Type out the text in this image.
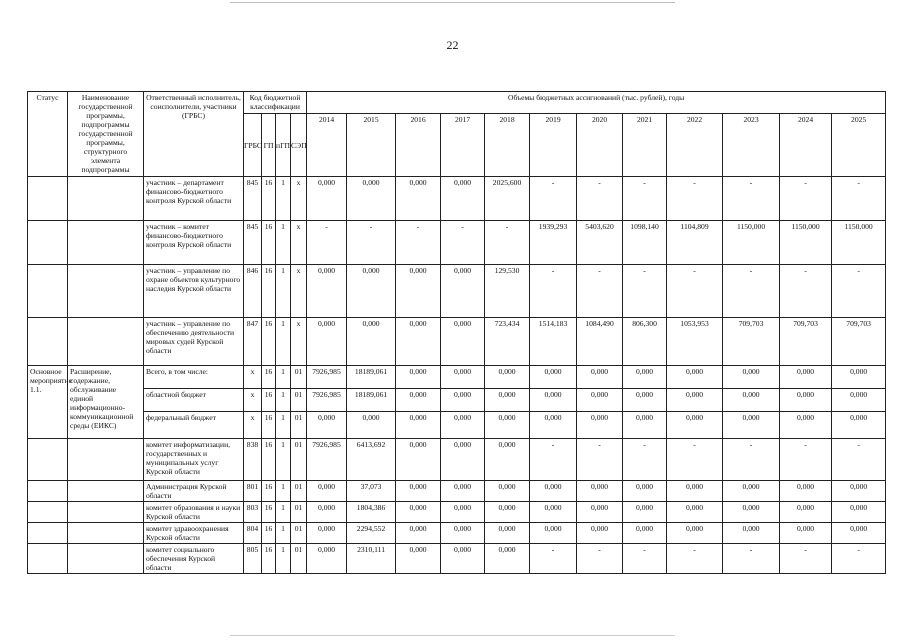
22
Статус	Наименование государственной программы, подпрограммы государственной программы, структурного элемента подпрограммы	Ответственный исполнитель, соисполнители, участники (ГРБС)	Код бюджетной классификации				Объемы бюджетных ассигнований (тыс. рублей), годы											
			ГРБС	ГП	пГП	СЭП	2014	2015	2016	2017	2018	2019	2020	2021	2022	2023	2024	2025

		участник – департамент финансово-бюджетного контроля Курской области	845	16	1	х	0,000	0,000	0,000	0,000	2025,600	-	-	-	-	-	-	-
		участник – комитет финансово-бюджетного контроля Курской области	845	16	1	х	-	-	-	-	-	1939,293	5403,620	1098,140	1104,809	1150,000	1150,000	1150,000
		участник – управление по охране объектов культурного наследия Курской области	846	16	1	х	0,000	0,000	0,000	0,000	129,530	-	-	-	-	-	-	-
		участник – управление по обеспечению деятельности мировых судей Курской области	847	16	1	х	0,000	0,000	0,000	0,000	723,434	1514,183	1084,490	806,300	1053,953	709,703	709,703	709,703
Основное мероприятие 1.1.	Расширение, содержание, обслуживание единой информационно-коммуникационной среды (ЕИКС)	Всего, в том числе:	х	16	1	01	7926,985	18189,061	0,000	0,000	0,000	0,000	0,000	0,000	0,000	0,000	0,000	0,000
		областной бюджет	х	16	1	01	7926,985	18189,061	0,000	0,000	0,000	0,000	0,000	0,000	0,000	0,000	0,000	0,000
		федеральный бюджет	х	16	1	01	0,000	0,000	0,000	0,000	0,000	0,000	0,000	0,000	0,000	0,000	0,000	0,000
		комитет информатизации, государственных и муниципальных услуг Курской области	838	16	1	01	7926,985	6413,692	0,000	0,000	0,000	-	-	-	-	-	-	-
		Администрация Курской области	801	16	1	01	0,000	37,073	0,000	0,000	0,000	0,000	0,000	0,000	0,000	0,000	0,000	0,000
		комитет образования и науки Курской области	803	16	1	01	0,000	1804,386	0,000	0,000	0,000	0,000	0,000	0,000	0,000	0,000	0,000	0,000
		комитет здравоохранения Курской области	804	16	1	01	0,000	2294,552	0,000	0,000	0,000	0,000	0,000	0,000	0,000	0,000	0,000	0,000
		комитет социального обеспечения Курской области	805	16	1	01	0,000	2310,111	0,000	0,000	0,000	-	-	-	-	-	-	-
